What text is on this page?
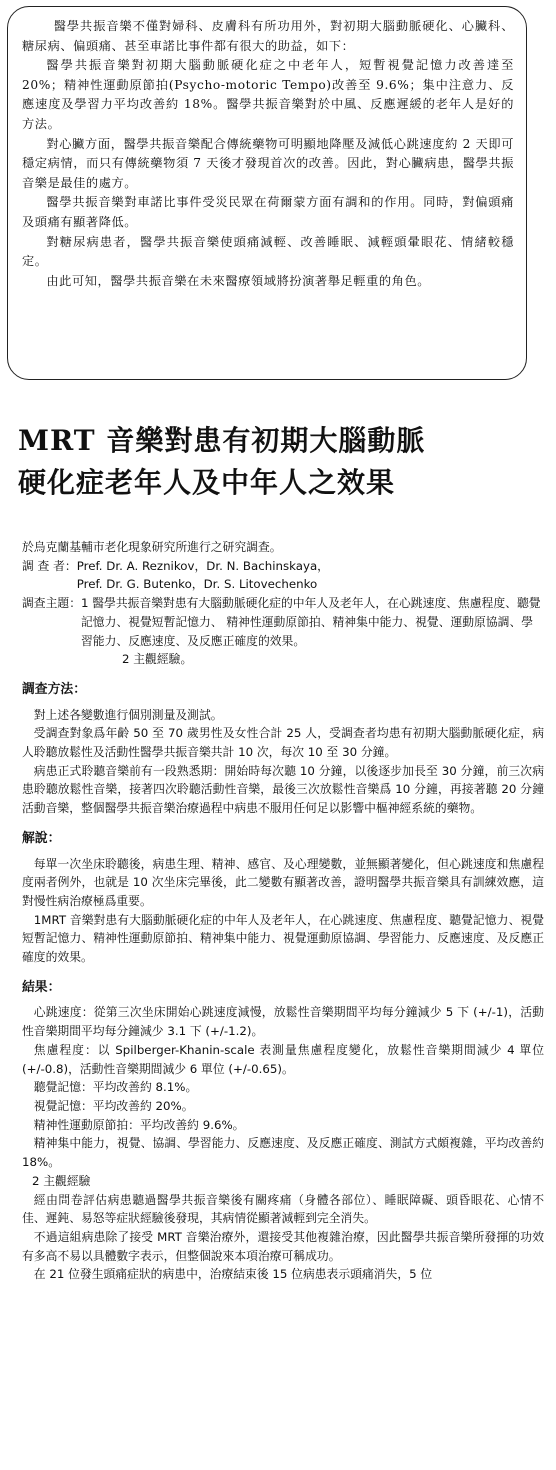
醫學共振音樂不僅對婦科、皮膚科有所功用外，對初期大腦動脈硬化、心臟科、糖尿病、偏頭痛、甚至車諾比事件都有很大的助益，如下：

醫學共振音樂對初期大腦動脈硬化症之中老年人，短暫視覺記憶力改善達至 20%；精神性運動原節拍(Psycho-motoric Tempo)改善至 9.6%；集中注意力、反應速度及學習力平均改善約 18%。醫學共振音樂對於中風、反應遲緩的老年人是好的方法。

對心臟方面，醫學共振音樂配合傳統藥物可明顯地降壓及減低心跳速度約 2 天即可穩定病情，而只有傳統藥物須 7 天後才發現首次的改善。因此，對心臟病患，醫學共振音樂是最佳的處方。

醫學共振音樂對車諾比事件受災民眾在荷爾蒙方面有調和的作用。同時，對偏頭痛及頭痛有顯著降低。

對糖尿病患者，醫學共振音樂使頭痛減輕、改善睡眠、減輕頭暈眼花、情緒較穩定。

由此可知，醫學共振音樂在未來醫療領域將扮演著舉足輕重的角色。

MRT 音樂對患有初期大腦動脈
硬化症老年人及中年人之效果

於烏克蘭基輔市老化現象研究所進行之研究調查。

調 查 者： Pref. Dr. A. Reznikov，Dr. N. Bachinskaya，
Pref. Dr. G. Butenko，Dr. S. Litovechenko
調查主題： 1 醫學共振音樂對患有大腦動脈硬化症的中年人及老年人，在心跳速度、焦慮程度、聽覺記憶力、視覺短暫記憶力、 精神性運動原節拍、精神集中能力、視覺、運動原協調、學習能力、反應速度、及反應正確度的效果。

2 主觀經驗。

調查方法：

對上述各變數進行個別測量及測試。

受調查對象爲年齡 50 至 70 歲男性及女性合計 25 人，受調查者均患有初期大腦動脈硬化症，病人聆聽放鬆性及活動性醫學共振音樂共計 10 次，每次 10 至 30 分鐘。

病患正式聆聽音樂前有一段熟悉期：開始時每次聽 10 分鐘，以後逐步加長至 30 分鐘，前三次病患聆聽放鬆性音樂，接著四次聆聽活動性音樂，最後三次放鬆性音樂爲 10 分鐘，再接著聽 20 分鐘活動音樂，整個醫學共振音樂治療過程中病患不服用任何足以影響中樞神經系統的藥物。

解說：

每單一次坐床聆聽後，病患生理、精神、感官、及心理變數，並無顯著變化，但心跳速度和焦慮程度兩者例外，也就是 10 次坐床完畢後，此二變數有顯著改善，證明醫學共振音樂具有訓練效應，這對慢性病治療極爲重要。

1MRT 音樂對患有大腦動脈硬化症的中年人及老年人，在心跳速度、焦慮程度、聽覺記憶力、視覺短暫記憶力、精神性運動原節拍、精神集中能力、視覺運動原協調、學習能力、反應速度、及反應正確度的效果。

結果：

心跳速度：從第三次坐床開始心跳速度減慢，放鬆性音樂期間平均每分鐘減少 5 下 (+/-1)，活動性音樂期間平均每分鐘減少 3.1 下 (+/-1.2)。

焦慮程度：以 Spilberger-Khanin-scale 表測量焦慮程度變化，放鬆性音樂期間減少 4 單位 (+/-0.8)，活動性音樂期間減少 6 單位 (+/-0.65)。

聽覺記憶：平均改善約 8.1%。

視覺記憶：平均改善約 20%。

精神性運動原節拍：平均改善約 9.6%。

精神集中能力，視覺、協調、學習能力、反應速度、及反應正確度、測試方式頗複雜，平均改善約 18%。

2 主觀經驗

經由問卷評估病患聽過醫學共振音樂後有關疼痛（身體各部位）、睡眠障礙、頭昏眼花、心情不佳、遲鈍、易怒等症狀經驗後發現，其病情從顯著減輕到完全消失。

不過這組病患除了接受 MRT 音樂治療外，還接受其他複雜治療，因此醫學共振音樂所發揮的功效有多高不易以具體數字表示，但整個說來本項治療可稱成功。

在 21 位發生頭痛症狀的病患中，治療結束後 15 位病患表示頭痛消失，5 位
